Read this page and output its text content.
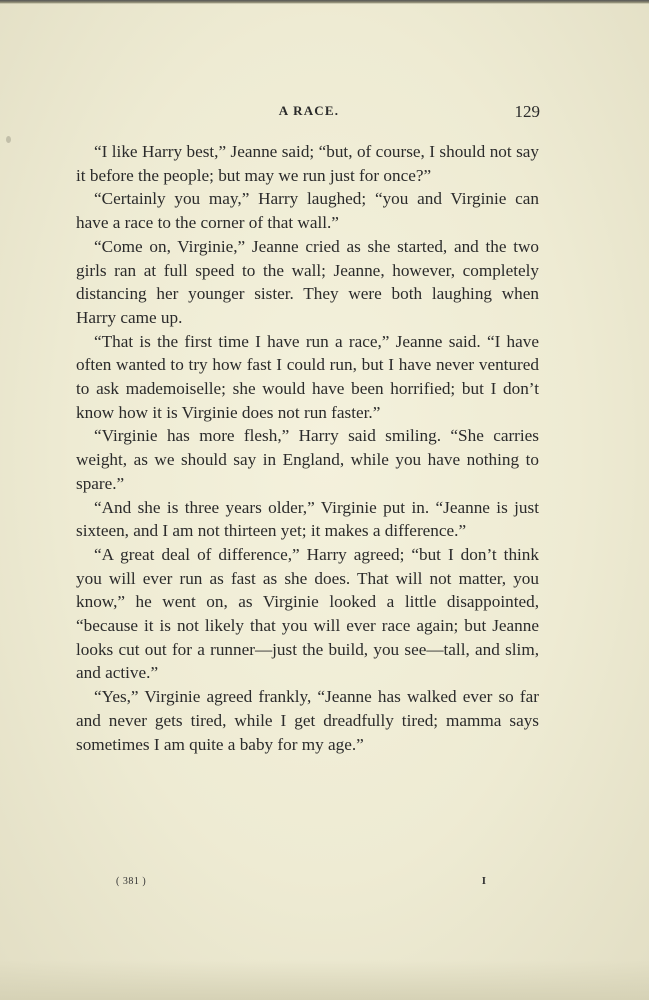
A RACE.	129

“I like Harry best,” Jeanne said; “but, of course, I should not say it before the people; but may we run just for once?”

“Certainly you may,” Harry laughed; “you and Virginie can have a race to the corner of that wall.”

“Come on, Virginie,” Jeanne cried as she started, and the two girls ran at full speed to the wall; Jeanne, however, completely distancing her younger sister. They were both laughing when Harry came up.

“That is the first time I have run a race,” Jeanne said. “I have often wanted to try how fast I could run, but I have never ventured to ask mademoiselle; she would have been horrified; but I don’t know how it is Virginie does not run faster.”

“Virginie has more flesh,” Harry said smiling. “She carries weight, as we should say in England, while you have nothing to spare.”

“And she is three years older,” Virginie put in. “Jeanne is just sixteen, and I am not thirteen yet; it makes a difference.”

“A great deal of difference,” Harry agreed; “but I don’t think you will ever run as fast as she does. That will not matter, you know,” he went on, as Virginie looked a little disappointed, “because it is not likely that you will ever race again; but Jeanne looks cut out for a runner—just the build, you see—tall, and slim, and active.”

“Yes,” Virginie agreed frankly, “Jeanne has walked ever so far and never gets tired, while I get dreadfully tired; mamma says sometimes I am quite a baby for my age.”

( 381 )	I
